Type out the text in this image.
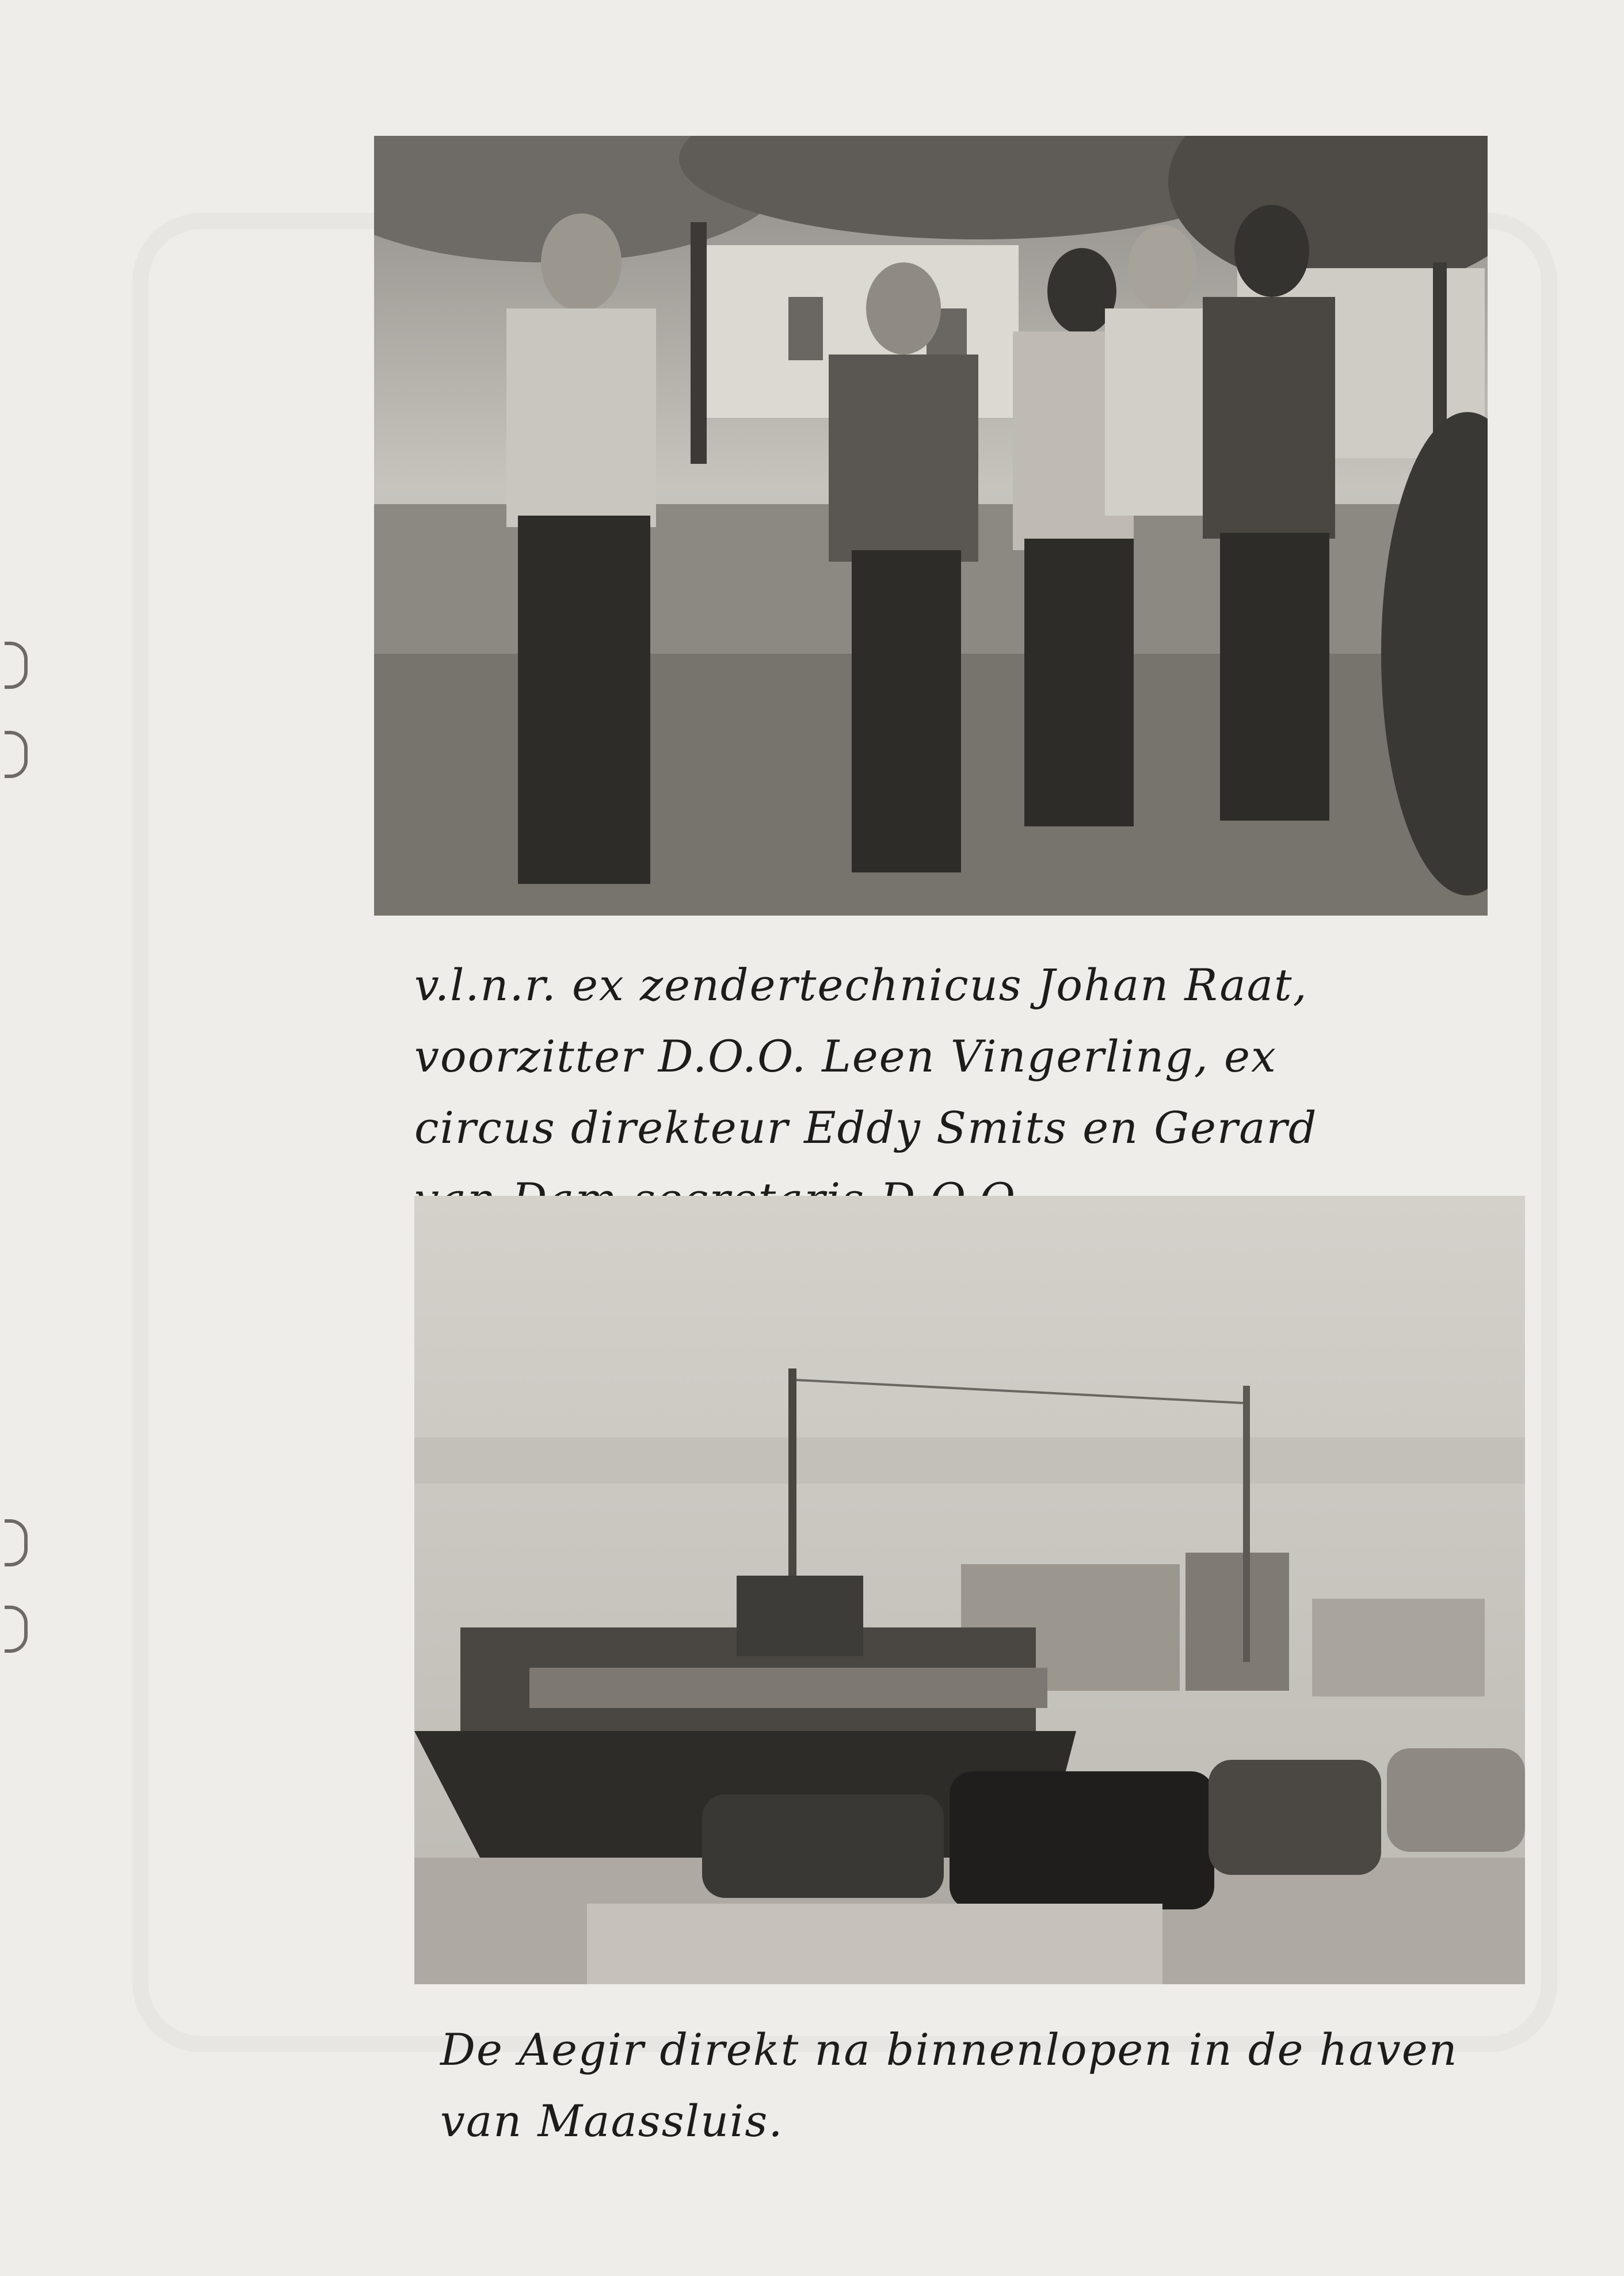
v.l.n.r. ex zendertechnicus Johan Raat,
voorzitter D.O.O. Leen Vingerling, ex
circus direkteur Eddy Smits en Gerard

De Aegir direkt na binnenlopen in de haven
van Maassluis.
